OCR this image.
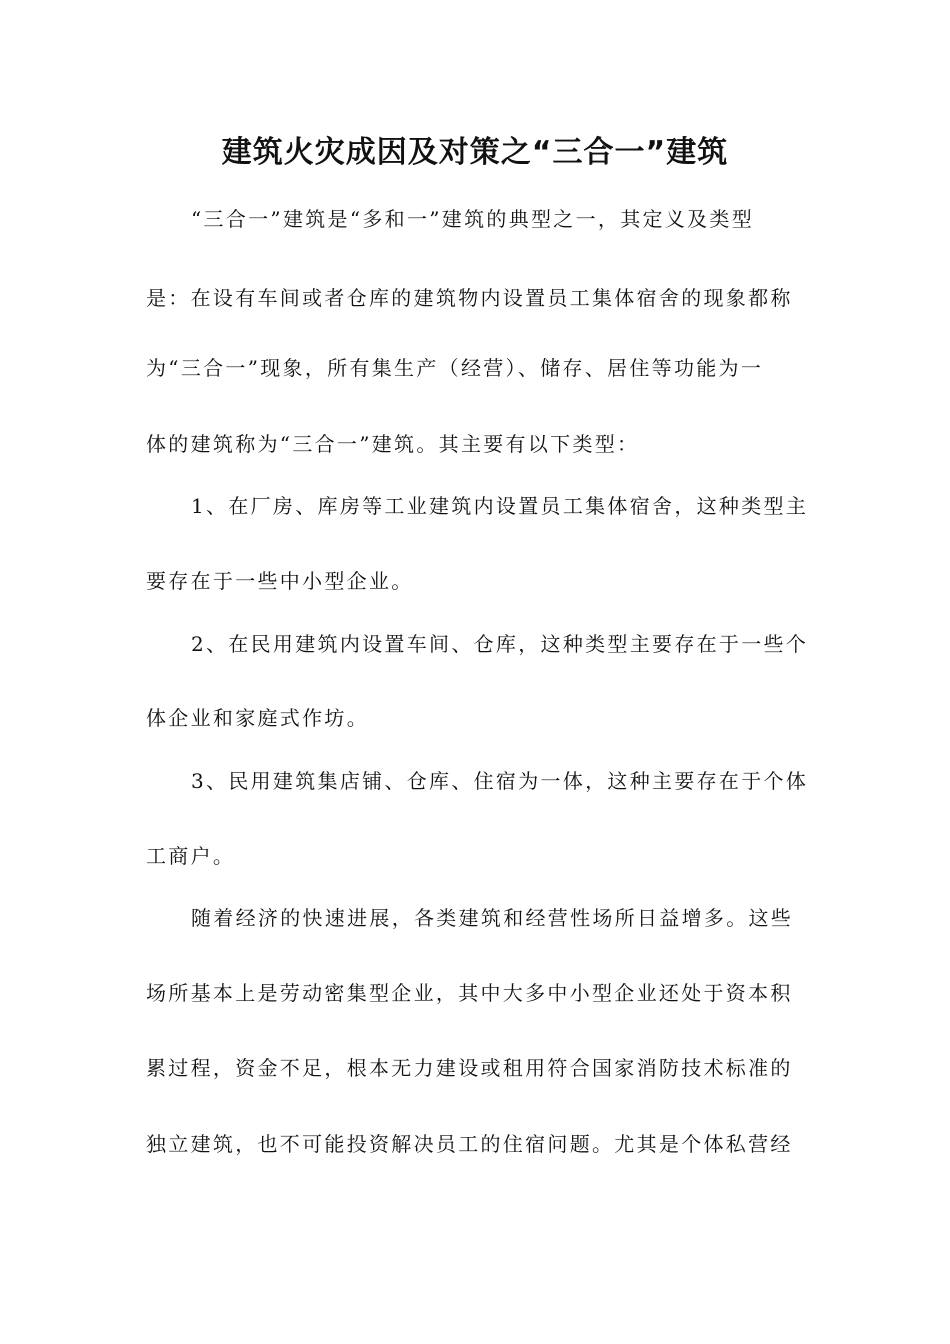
建筑火灾成因及对策之“三合一”建筑

“三合一”建筑是“多和一”建筑的典型之一，其定义及类型

是：在设有车间或者仓库的建筑物内设置员工集体宿舍的现象都称

为“三合一”现象，所有集生产（经营）、储存、居住等功能为一

体的建筑称为“三合一”建筑。其主要有以下类型：

1、在厂房、库房等工业建筑内设置员工集体宿舍，这种类型主

要存在于一些中小型企业。

2、在民用建筑内设置车间、仓库，这种类型主要存在于一些个

体企业和家庭式作坊。

3、民用建筑集店铺、仓库、住宿为一体，这种主要存在于个体

工商户。

随着经济的快速进展，各类建筑和经营性场所日益增多。这些

场所基本上是劳动密集型企业，其中大多中小型企业还处于资本积

累过程，资金不足，根本无力建设或租用符合国家消防技术标准的

独立建筑，也不可能投资解决员工的住宿问题。尤其是个体私营经
